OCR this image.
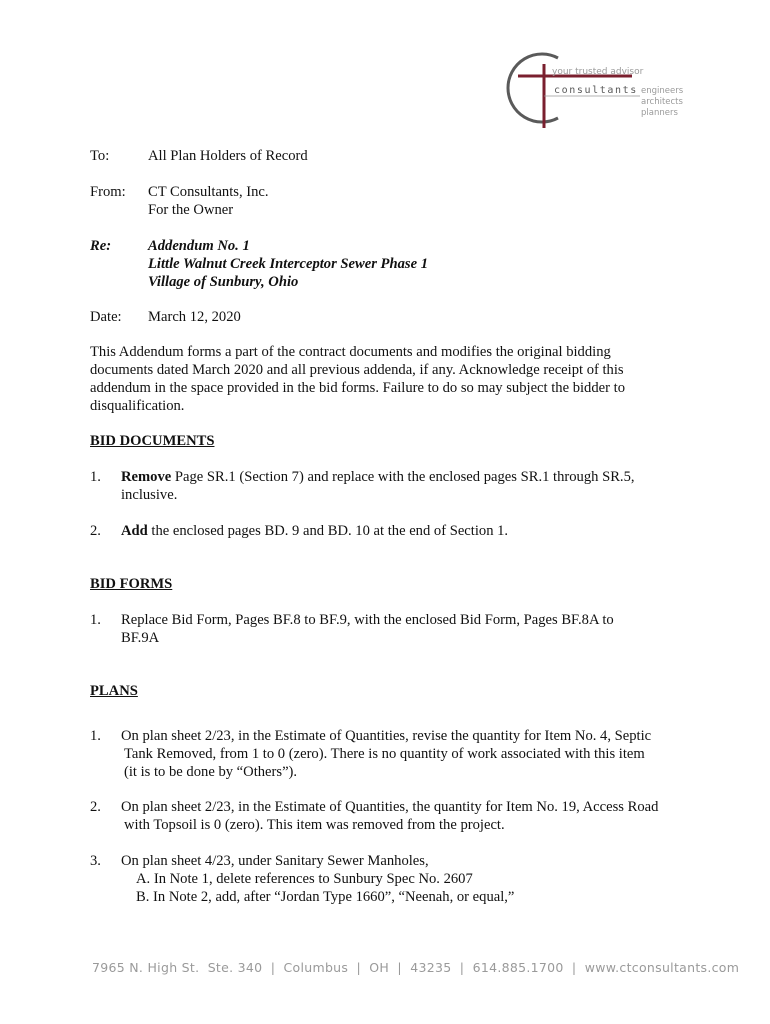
your trusted advisor
consultants engineers
architects
planners
To:	All Plan Holders of Record
From: CT Consultants, Inc.
For the Owner
Re:	Addendum No. 1
Little Walnut Creek Interceptor Sewer Phase 1
Village of Sunbury, Ohio
Date: March 12, 2020
This Addendum forms a part of the contract documents and modifies the original bidding documents dated March 2020 and all previous addenda, if any. Acknowledge receipt of this addendum in the space provided in the bid forms. Failure to do so may subject the bidder to disqualification.
BID DOCUMENTS
1. Remove Page SR.1 (Section 7) and replace with the enclosed pages SR.1 through SR.5,
inclusive.
2. Add the enclosed pages BD. 9 and BD. 10 at the end of Section 1.
BID FORMS
1. Replace Bid Form, Pages BF.8 to BF.9, with the enclosed Bid Form, Pages BF.8A to
BF.9A
PLANS
1. On plan sheet 2/23, in the Estimate of Quantities, revise the quantity for Item No. 4, Septic
Tank Removed, from 1 to 0 (zero). There is no quantity of work associated with this item
(it is to be done by “Others”).
2. On plan sheet 2/23, in the Estimate of Quantities, the quantity for Item No. 19, Access Road
with Topsoil is 0 (zero). This item was removed from the project.
3. On plan sheet 4/23, under Sanitary Sewer Manholes,
A. In Note 1, delete references to Sunbury Spec No. 2607
B. In Note 2, add, after “Jordan Type 1660”, “Neenah, or equal,”
7965 N. High St. Ste. 340 | Columbus | OH | 43235 | 614.885.1700 | www.ctconsultants.com
